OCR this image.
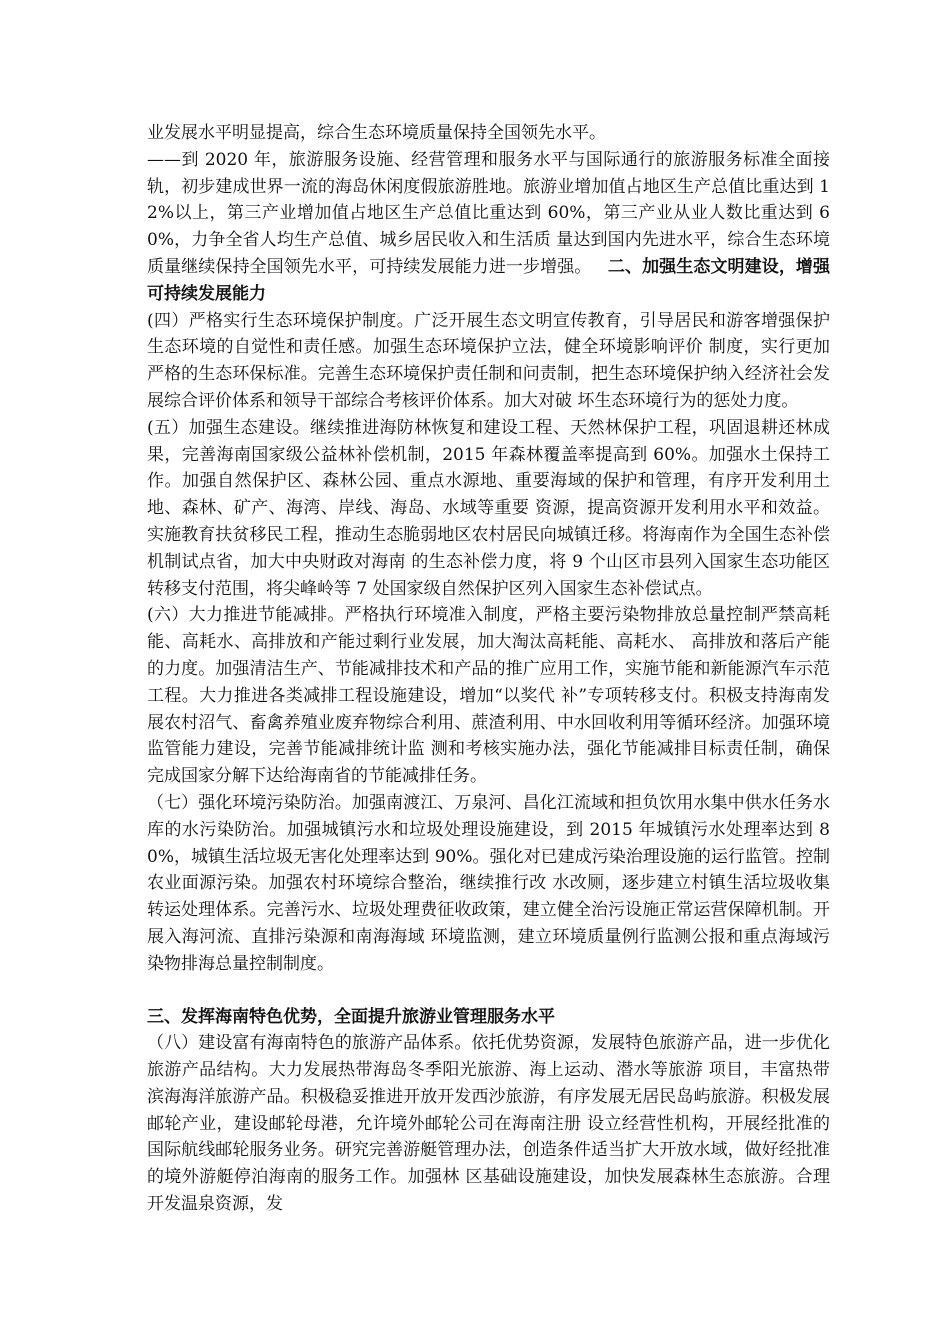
业发展水平明显提高，综合生态环境质量保持全国领先水平。

——到 2020 年，旅游服务设施、经营管理和服务水平与国际通行的旅游服务标准全面接轨，初步建成世界一流的海岛休闲度假旅游胜地。旅游业增加值占地区生产总值比重达到 12%以上，第三产业增加值占地区生产总值比重达到 60%，第三产业从业人数比重达到 60%，力争全省人均生产总值、城乡居民收入和生活质 量达到国内先进水平，综合生态环境质量继续保持全国领先水平，可持续发展能力进一步增强。 二、加强生态文明建设，增强可持续发展能力

(四）严格实行生态环境保护制度。广泛开展生态文明宣传教育，引导居民和游客增强保护生态环境的自觉性和责任感。加强生态环境保护立法，健全环境影响评价 制度，实行更加严格的生态环保标准。完善生态环境保护责任制和问责制，把生态环境保护纳入经济社会发展综合评价体系和领导干部综合考核评价体系。加大对破 坏生态环境行为的惩处力度。

(五）加强生态建设。继续推进海防林恢复和建设工程、天然林保护工程，巩固退耕还林成果，完善海南国家级公益林补偿机制，2015 年森林覆盖率提高到 60%。加强水土保持工作。加强自然保护区、森林公园、重点水源地、重要海域的保护和管理，有序开发利用土地、森林、矿产、海湾、岸线、海岛、水域等重要 资源，提高资源开发利用水平和效益。实施教育扶贫移民工程，推动生态脆弱地区农村居民向城镇迁移。将海南作为全国生态补偿机制试点省，加大中央财政对海南 的生态补偿力度，将 9 个山区市县列入国家生态功能区转移支付范围，将尖峰岭等 7 处国家级自然保护区列入国家生态补偿试点。

(六）大力推进节能减排。严格执行环境准入制度，严格主要污染物排放总量控制严禁高耗能、高耗水、高排放和产能过剩行业发展，加大淘汰高耗能、高耗水、 高排放和落后产能的力度。加强清洁生产、节能减排技术和产品的推广应用工作，实施节能和新能源汽车示范工程。大力推进各类减排工程设施建设，增加“以奖代 补”专项转移支付。积极支持海南发展农村沼气、畜禽养殖业废弃物综合利用、蔗渣利用、中水回收利用等循环经济。加强环境监管能力建设，完善节能减排统计监 测和考核实施办法，强化节能减排目标责任制，确保完成国家分解下达给海南省的节能减排任务。

（七）强化环境污染防治。加强南渡江、万泉河、昌化江流域和担负饮用水集中供水任务水库的水污染防治。加强城镇污水和垃圾处理设施建设，到 2015 年城镇污水处理率达到 80%，城镇生活垃圾无害化处理率达到 90%。强化对已建成污染治理设施的运行监管。控制农业面源污染。加强农村环境综合整治，继续推行改 水改厕，逐步建立村镇生活垃圾收集转运处理体系。完善污水、垃圾处理费征收政策，建立健全治污设施正常运营保障机制。开展入海河流、直排污染源和南海海域 环境监测，建立环境质量例行监测公报和重点海域污染物排海总量控制制度。

三、发挥海南特色优势，全面提升旅游业管理服务水平

（八）建设富有海南特色的旅游产品体系。依托优势资源，发展特色旅游产品，进一步优化旅游产品结构。大力发展热带海岛冬季阳光旅游、海上运动、潜水等旅游 项目，丰富热带滨海海洋旅游产品。积极稳妥推进开放开发西沙旅游，有序发展无居民岛屿旅游。积极发展邮轮产业，建设邮轮母港，允许境外邮轮公司在海南注册 设立经营性机构，开展经批准的国际航线邮轮服务业务。研究完善游艇管理办法，创造条件适当扩大开放水域，做好经批准的境外游艇停泊海南的服务工作。加强林 区基础设施建设，加快发展森林生态旅游。合理开发温泉资源，发
